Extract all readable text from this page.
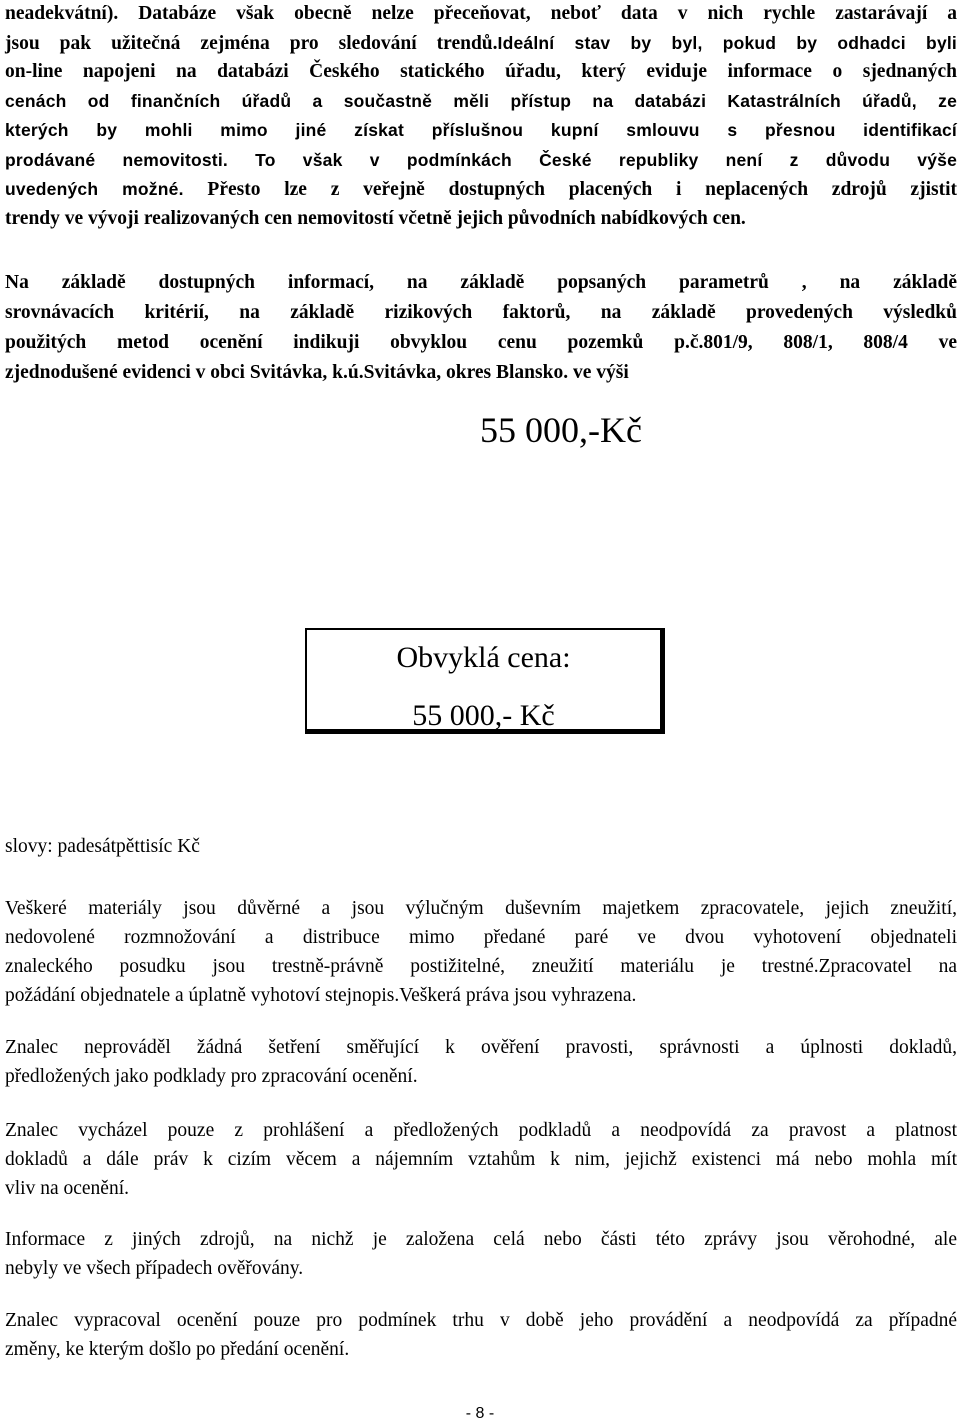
neadekvátní). Databáze však obecně nelze přeceňovat, neboť data v nich rychle zastarávají a
jsou pak užitečná zejména pro sledování trendů.Ideální stav by byl, pokud by odhadci byli
on-line napojeni na databázi Českého statického úřadu, který eviduje informace o sjednaných
cenách od finančních úřadů a součastně měli přístup na databázi Katastrálních úřadů, ze
kterých by mohli mimo jiné získat příslušnou kupní smlouvu s přesnou identifikací
prodávané nemovitosti. To však v podmínkách České republiky není z důvodu výše
uvedených možné. Přesto lze z veřejně dostupných placených i neplacených zdrojů zjistit
trendy ve vývoji realizovaných cen nemovitostí včetně jejich původních nabídkových cen.
Na základě dostupných informací, na základě popsaných parametrů , na základě
srovnávacích kritérií, na základě rizikových faktorů, na základě provedených výsledků
použitých metod ocenění indikuji obvyklou cenu pozemků p.č.801/9, 808/1, 808/4 ve
zjednodušené evidenci v obci Svitávka, k.ú.Svitávka, okres Blansko. ve výši

55 000,-Kč

Obvyklá cena:
55 000,- Kč

slovy: padesátpěttisíc Kč

Veškeré materiály jsou důvěrné a jsou výlučným duševním majetkem zpracovatele, jejich zneužití,
nedovolené rozmnožování a distribuce mimo předané paré ve dvou vyhotovení objednateli
znaleckého posudku jsou trestně-právně postižitelné, zneužití materiálu je trestné.Zpracovatel na
požádání objednatele a úplatně vyhotoví stejnopis.Veškerá práva jsou vyhrazena.
Znalec neprováděl žádná šetření směřující k ověření pravosti, správnosti a úplnosti dokladů,
předložených jako podklady pro zpracování ocenění.
Znalec vycházel pouze z prohlášení a předložených podkladů a neodpovídá za pravost a platnost
dokladů a dále práv k cizím věcem a nájemním vztahům k nim, jejichž existenci má nebo mohla mít
vliv na ocenění.
Informace z jiných zdrojů, na nichž je založena celá nebo části této zprávy jsou věrohodné, ale
nebyly ve všech případech ověřovány.
Znalec vypracoval ocenění pouze pro podmínek trhu v době jeho provádění a neodpovídá za případné
změny, ke kterým došlo po předání ocenění.
- 8 -
